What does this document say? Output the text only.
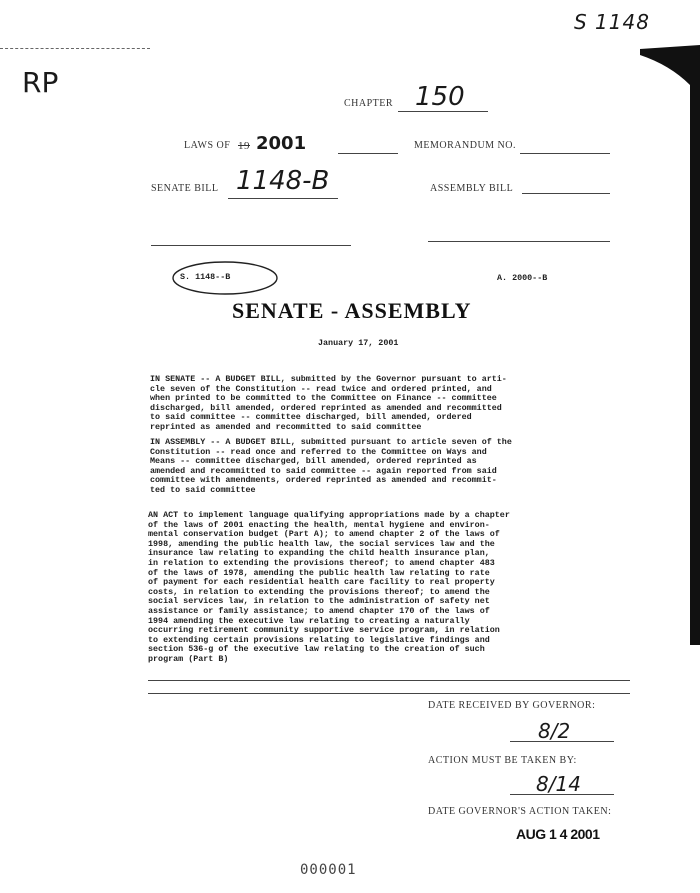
S 1148
RP
CHAPTER 150
LAWS OF 19 2001	MEMORANDUM NO.
SENATE BILL 1148-B	ASSEMBLY BILL
S. 1148--B	A. 2000--B
SENATE - ASSEMBLY
January 17, 2001
IN SENATE -- A BUDGET BILL, submitted by the Governor pursuant to arti-
cle seven of the Constitution -- read twice and ordered printed, and
when printed to be committed to the Committee on Finance -- committee
discharged, bill amended, ordered reprinted as amended and recommitted
to said committee -- committee discharged, bill amended, ordered
reprinted as amended and recommitted to said committee
IN ASSEMBLY -- A BUDGET BILL, submitted pursuant to article seven of the
Constitution -- read once and referred to the Committee on Ways and
Means -- committee discharged, bill amended, ordered reprinted as
amended and recommitted to said committee -- again reported from said
committee with amendments, ordered reprinted as amended and recommit-
ted to said committee
AN ACT to implement language qualifying appropriations made by a chapter
of the laws of 2001 enacting the health, mental hygiene and environ-
mental conservation budget (Part A); to amend chapter 2 of the laws of
1998, amending the public health law, the social services law and the
insurance law relating to expanding the child health insurance plan,
in relation to extending the provisions thereof; to amend chapter 483
of the laws of 1978, amending the public health law relating to rate
of payment for each residential health care facility to real property
costs, in relation to extending the provisions thereof; to amend the
social services law, in relation to the administration of safety net
assistance or family assistance; to amend chapter 170 of the laws of
1994 amending the executive law relating to creating a naturally
occurring retirement community supportive service program, in relation
to extending certain provisions relating to legislative findings and
section 536-g of the executive law relating to the creation of such
program (Part B)
DATE RECEIVED BY GOVERNOR:
8/2
ACTION MUST BE TAKEN BY:
8/14
DATE GOVERNOR'S ACTION TAKEN:
AUG 1 4 2001
000001
